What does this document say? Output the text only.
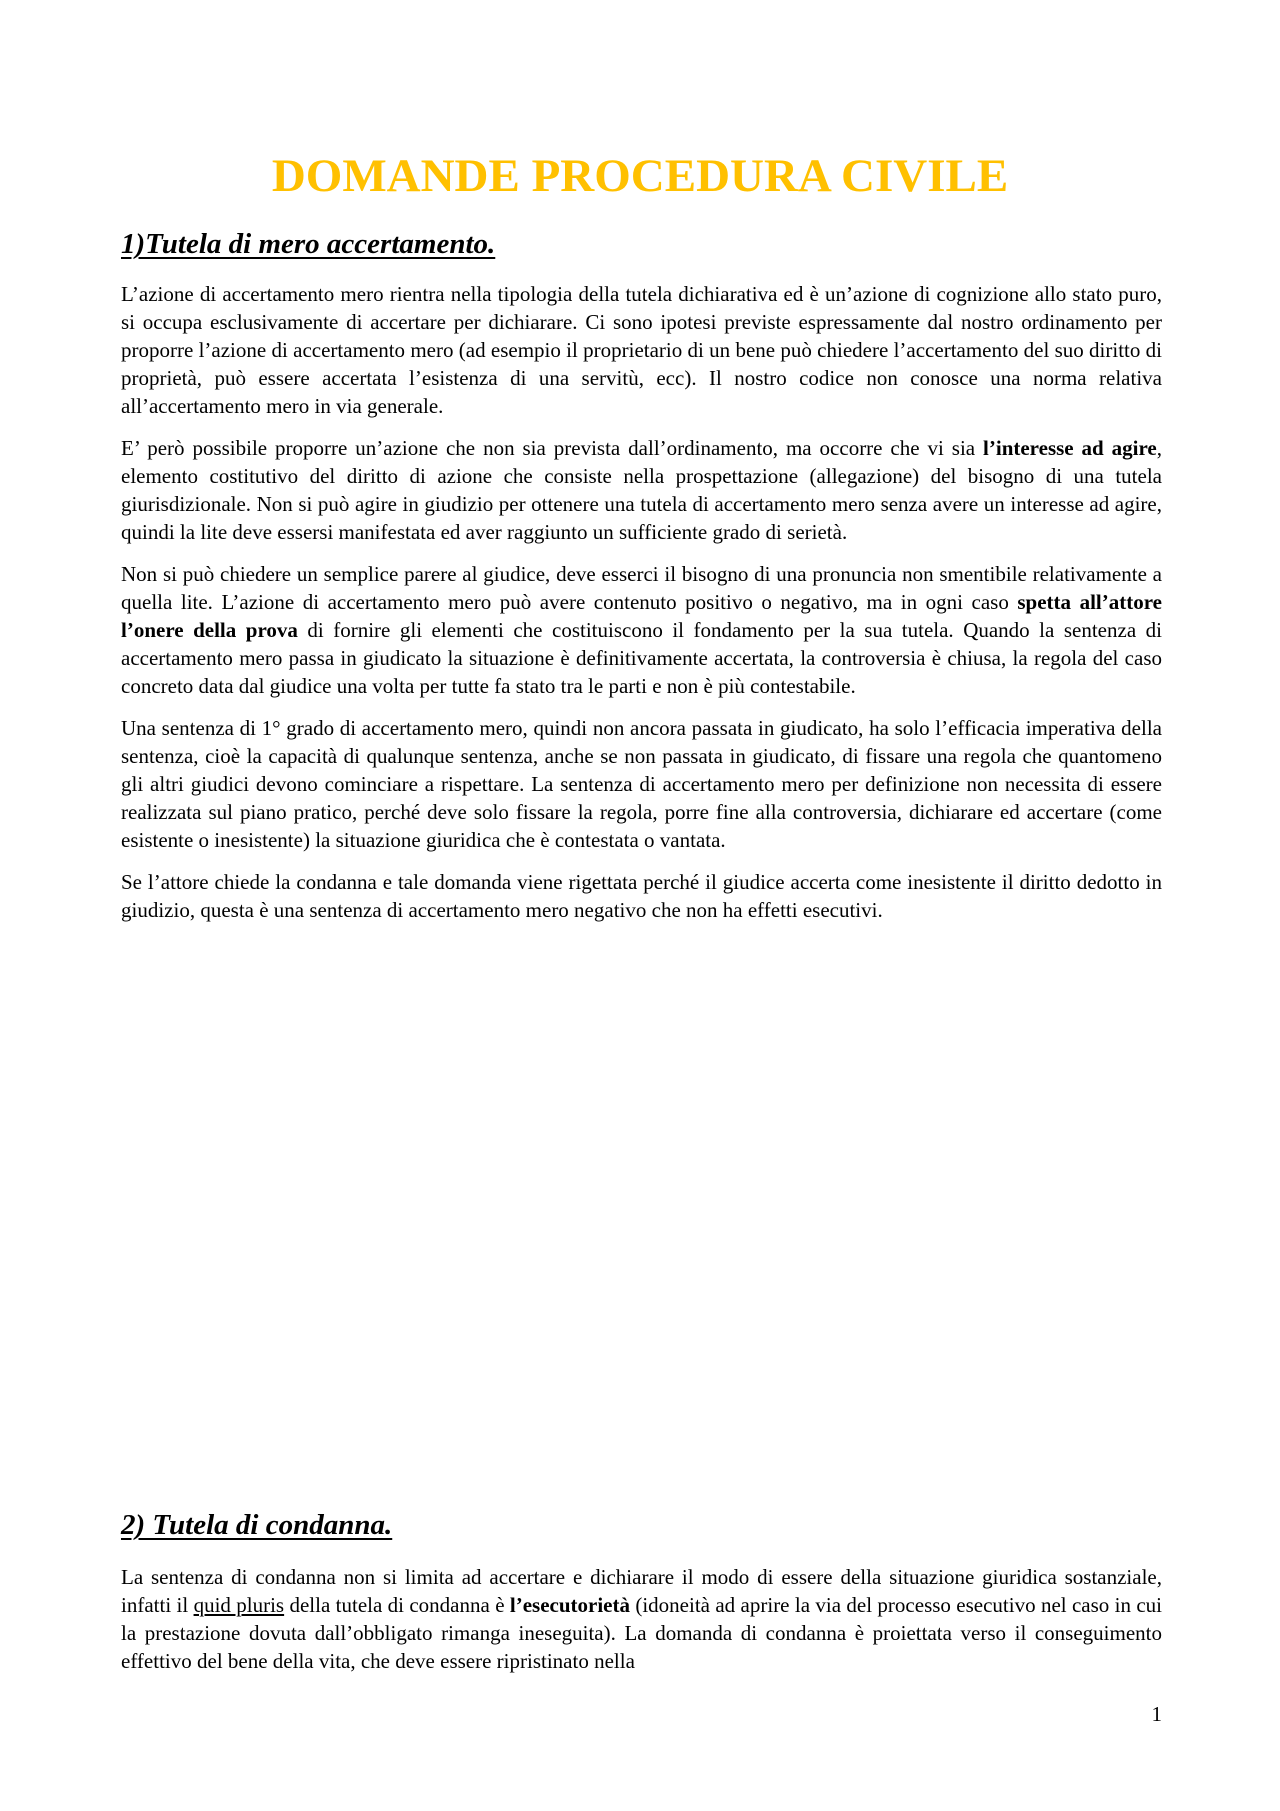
DOMANDE PROCEDURA CIVILE
1)Tutela di mero accertamento.

L’azione di accertamento mero rientra nella tipologia della tutela dichiarativa ed è un’azione di cognizione allo stato puro, si occupa esclusivamente di accertare per dichiarare. Ci sono ipotesi previste espressamente dal nostro ordinamento per proporre l’azione di accertamento mero (ad esempio il proprietario di un bene può chiedere l’accertamento del suo diritto di proprietà, può essere accertata l’esistenza di una servitù, ecc). Il nostro codice non conosce una norma relativa all’accertamento mero in via generale.

E’ però possibile proporre un’azione che non sia prevista dall’ordinamento, ma occorre che vi sia l’interesse ad agire, elemento costitutivo del diritto di azione che consiste nella prospettazione (allegazione) del bisogno di una tutela giurisdizionale. Non si può agire in giudizio per ottenere una tutela di accertamento mero senza avere un interesse ad agire, quindi la lite deve essersi manifestata ed aver raggiunto un sufficiente grado di serietà.

Non si può chiedere un semplice parere al giudice, deve esserci il bisogno di una pronuncia non smentibile relativamente a quella lite. L’azione di accertamento mero può avere contenuto positivo o negativo, ma in ogni caso spetta all’attore l’onere della prova di fornire gli elementi che costituiscono il fondamento per la sua tutela. Quando la sentenza di accertamento mero passa in giudicato la situazione è definitivamente accertata, la controversia è chiusa, la regola del caso concreto data dal giudice una volta per tutte fa stato tra le parti e non è più contestabile.

Una sentenza di 1° grado di accertamento mero, quindi non ancora passata in giudicato, ha solo l’efficacia imperativa della sentenza, cioè la capacità di qualunque sentenza, anche se non passata in giudicato, di fissare una regola che quantomeno gli altri giudici devono cominciare a rispettare. La sentenza di accertamento mero per definizione non necessita di essere realizzata sul piano pratico, perché deve solo fissare la regola, porre fine alla controversia, dichiarare ed accertare (come esistente o inesistente) la situazione giuridica che è contestata o vantata.

Se l’attore chiede la condanna e tale domanda viene rigettata perché il giudice accerta come inesistente il diritto dedotto in giudizio, questa è una sentenza di accertamento mero negativo che non ha effetti esecutivi.

2) Tutela di condanna.

La sentenza di condanna non si limita ad accertare e dichiarare il modo di essere della situazione giuridica sostanziale, infatti il quid pluris della tutela di condanna è l’esecutorietà (idoneità ad aprire la via del processo esecutivo nel caso in cui la prestazione dovuta dall’obbligato rimanga ineseguita). La domanda di condanna è proiettata verso il conseguimento effettivo del bene della vita, che deve essere ripristinato nella

1
